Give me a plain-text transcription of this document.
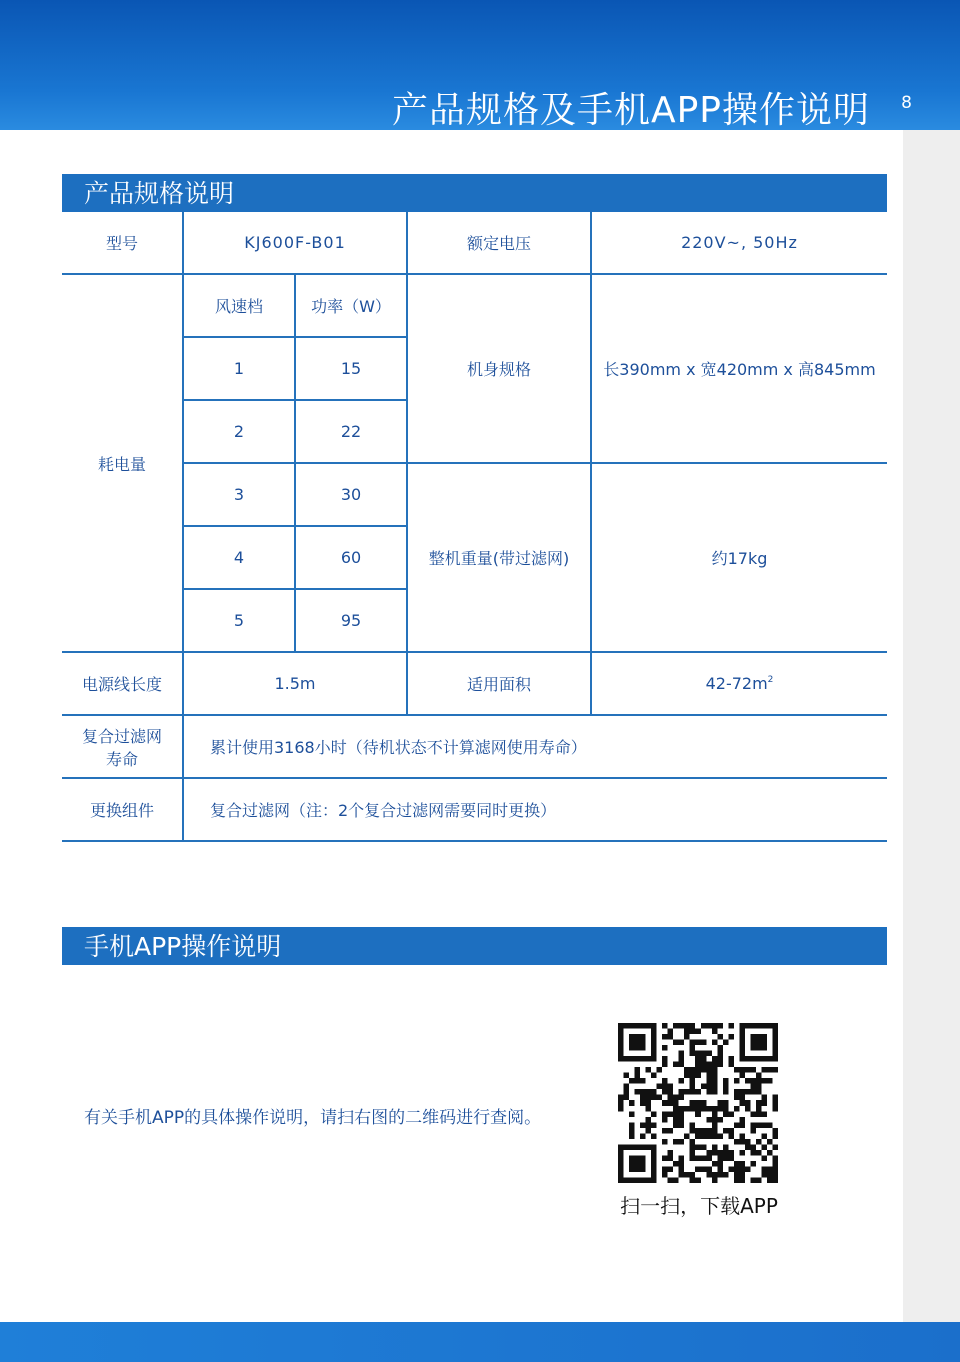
产品规格及手机APP操作说明 8
产品规格说明
型号	KJ600F-B01		额定电压	220V~, 50Hz
耗电量	风速档	功率（W）	机身规格	长390mm x 宽420mm x 高845mm
	1	15		
	2	22		
	3	30	整机重量(带过滤网)	约17kg
	4	60		
	5	95		
电源线长度	1.5m		适用面积	$42-72m^2$
复合过滤网寿命	累计使用3168小时（待机状态不计算滤网使用寿命）			
更换组件	复合过滤网（注：2个复合过滤网需要同时更换）			
手机APP操作说明
有关手机APP的具体操作说明，请扫右图的二维码进行查阅。
扫一扫，下载APP
